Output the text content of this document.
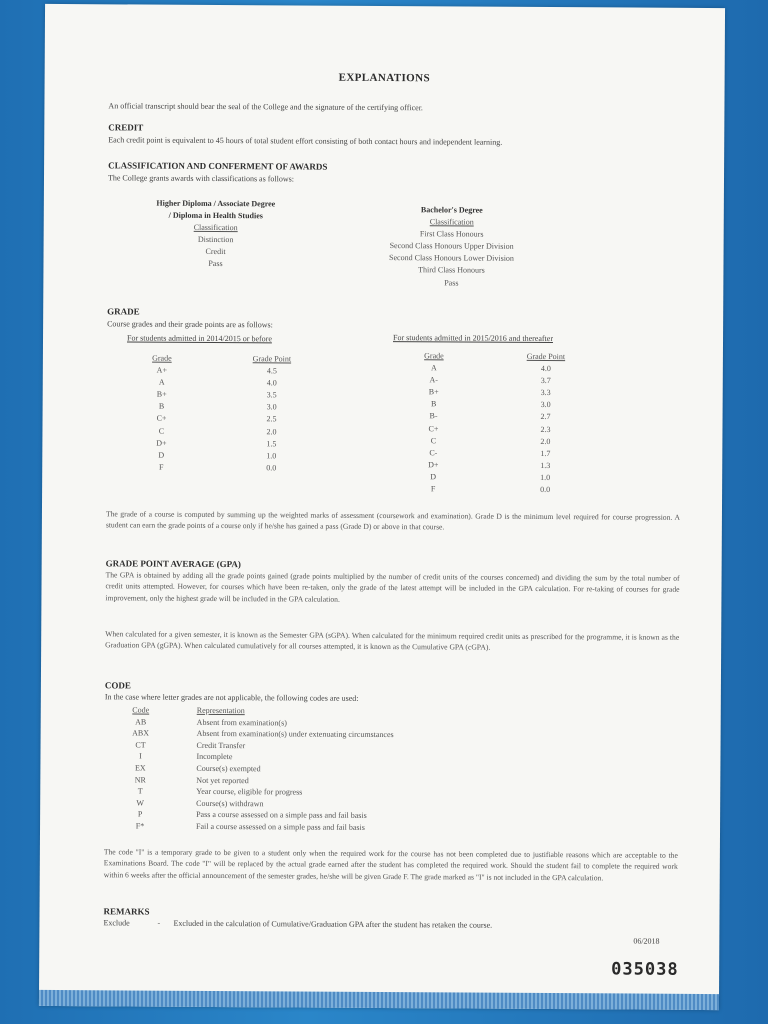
EXPLANATIONS
An official transcript should bear the seal of the College and the signature of the certifying officer.
CREDIT
Each credit point is equivalent to 45 hours of total student effort consisting of both contact hours and independent learning.
CLASSIFICATION AND CONFERMENT OF AWARDS
The College grants awards with classifications as follows:
Higher Diploma / Associate Degree
/ Diploma in Health Studies
Classification
Distinction
Credit
Pass
Bachelor's Degree
Classification
First Class Honours
Second Class Honours Upper Division
Second Class Honours Lower Division
Third Class Honours
Pass
GRADE
Course grades and their grade points are as follows:
For students admitted in 2014/2015 or before
Grade
A+
A
B+
B
C+
C
D+
D
F
Grade Point
4.5
4.0
3.5
3.0
2.5
2.0
1.5
1.0
0.0
For students admitted in 2015/2016 and thereafter
Grade
A
A-
B+
B
B-
C+
C
C-
D+
D
F
Grade Point
4.0
3.7
3.3
3.0
2.7
2.3
2.0
1.7
1.3
1.0
0.0
The grade of a course is computed by summing up the weighted marks of assessment (coursework and examination). Grade D is the minimum level required for course progression. A student can earn the grade points of a course only if he/she has gained a pass (Grade D) or above in that course.
GRADE POINT AVERAGE (GPA)
The GPA is obtained by adding all the grade points gained (grade points multiplied by the number of credit units of the courses concerned) and dividing the sum by the total number of credit units attempted. However, for courses which have been re-taken, only the grade of the latest attempt will be included in the GPA calculation. For re-taking of courses for grade improvement, only the highest grade will be included in the GPA calculation.
When calculated for a given semester, it is known as the Semester GPA (sGPA). When calculated for the minimum required credit units as prescribed for the programme, it is known as the Graduation GPA (gGPA). When calculated cumulatively for all courses attempted, it is known as the Cumulative GPA (cGPA).
CODE
In the case where letter grades are not applicable, the following codes are used:
Code
AB
ABX
CT
I
EX
NR
T
W
P
F*
Representation
Absent from examination(s)
Absent from examination(s) under extenuating circumstances
Credit Transfer
Incomplete
Course(s) exempted
Not yet reported
Year course, eligible for progress
Course(s) withdrawn
Pass a course assessed on a simple pass and fail basis
Fail a course assessed on a simple pass and fail basis
The code "I" is a temporary grade to be given to a student only when the required work for the course has not been completed due to justifiable reasons which are acceptable to the Examinations Board. The code "I" will be replaced by the actual grade earned after the student has completed the required work. Should the student fail to complete the required work within 6 weeks after the official announcement of the semester grades, he/she will be given Grade F. The grade marked as "I" is not included in the GPA calculation.
REMARKS
Exclude	- Excluded in the calculation of Cumulative/Graduation GPA after the student has retaken the course.
06/2018
035038
